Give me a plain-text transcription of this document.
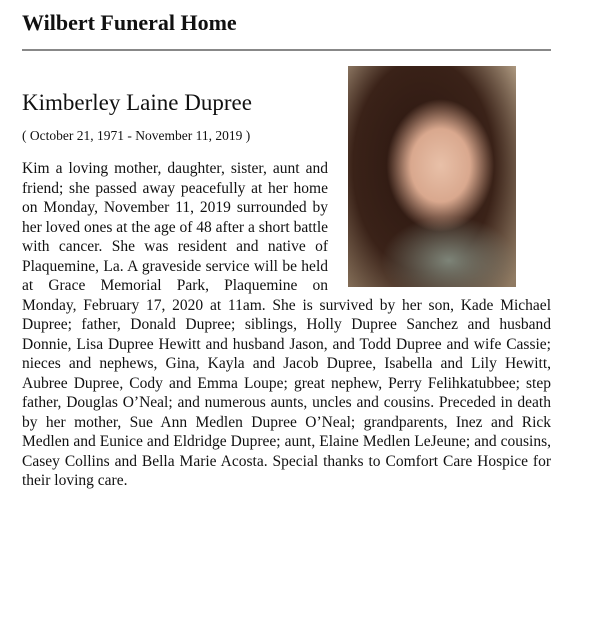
Wilbert Funeral Home
Kimberley Laine Dupree

( October 21, 1971 - November 11, 2019 )

Kim a loving mother, daughter, sister, aunt and friend; she passed away peacefully at her home on Monday, November 11, 2019 surrounded by her loved ones at the age of 48 after a short battle with cancer. She was resident and native of Plaquemine, La. A graveside service will be held at Grace Memorial Park, Plaquemine on Monday, February 17, 2020 at 11am. She is survived by her son, Kade Michael Dupree; father, Donald Dupree; siblings, Holly Dupree Sanchez and husband Donnie, Lisa Dupree Hewitt and husband Jason, and Todd Dupree and wife Cassie; nieces and nephews, Gina, Kayla and Jacob Dupree, Isabella and Lily Hewitt, Aubree Dupree, Cody and Emma Loupe; great nephew, Perry Felihkatubbee; step father, Douglas O’Neal; and numerous aunts, uncles and cousins. Preceded in death by her mother, Sue Ann Medlen Dupree O’Neal; grandparents, Inez and Rick Medlen and Eunice and Eldridge Dupree; aunt, Elaine Medlen LeJeune; and cousins, Casey Collins and Bella Marie Acosta. Special thanks to Comfort Care Hospice for their loving care.
